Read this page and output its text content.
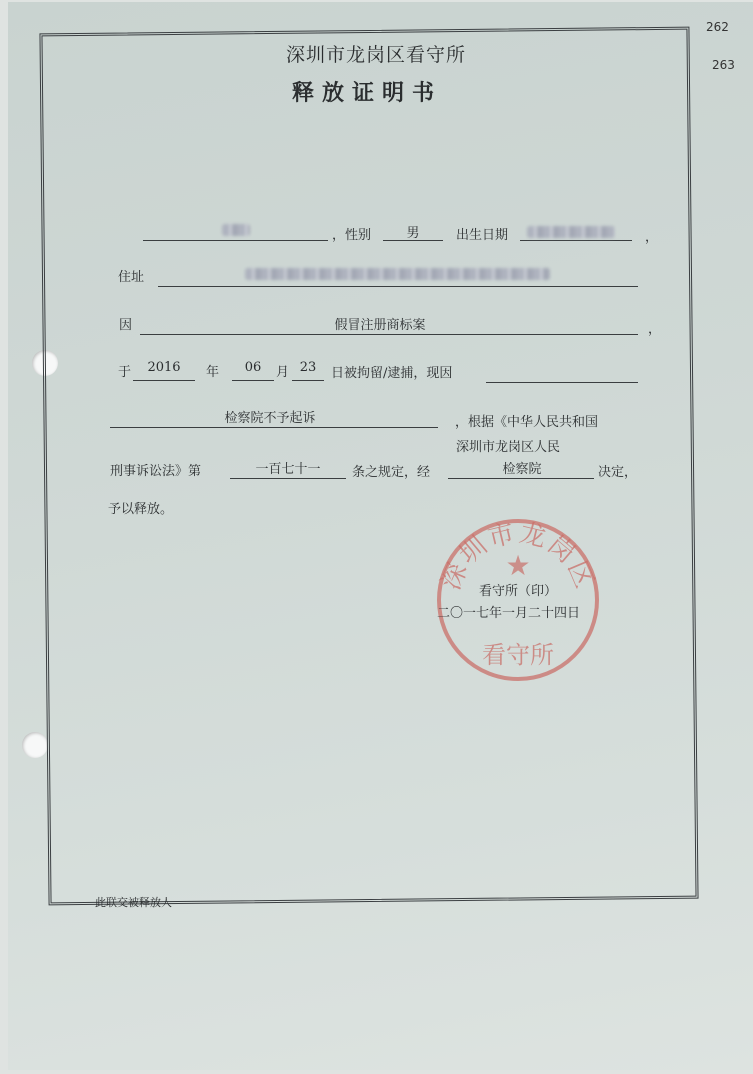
262
263
深圳市龙岗区看守所
释放证明书
，性别	男	出生日期	，
住址
因	假冒注册商标案	，
于	2016	年	06	月 23	日被拘留/逮捕，现因
检察院不予起诉	，根据《中华人民共和国
深圳市龙岗区人民
刑事诉讼法》第	一百七十一	条之规定，经	检察院	决定，
予以释放。
深圳市龙岗区
★
看守所
看守所（印）
二〇一七年一月二十四日
此联交被释放人
